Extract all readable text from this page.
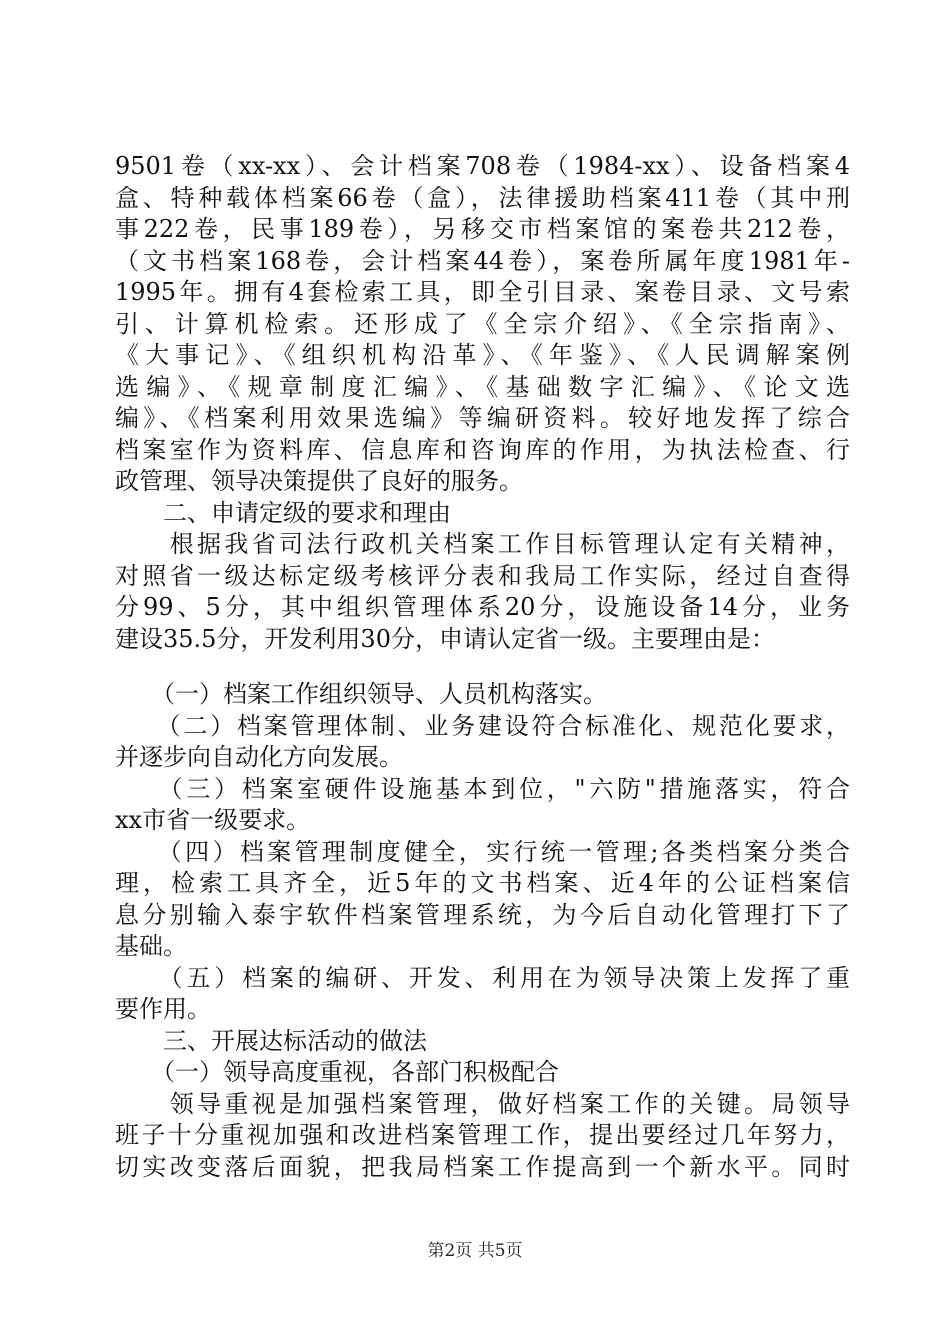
9501卷（xx-xx）、会计档案708卷（1984-xx）、设备档案4
盒、特种载体档案66卷（盒），法律援助档案411卷（其中刑
事222卷，民事189卷），另移交市档案馆的案卷共212卷，
（文书档案168卷，会计档案44卷），案卷所属年度1981年-
1995年。拥有4套检索工具，即全引目录、案卷目录、文号索
引、计算机检索。还形成了《全宗介绍》、《全宗指南》、
《大事记》、《组织机构沿革》、《年鉴》、《人民调解案例
选编》、《规章制度汇编》、《基础数字汇编》、《论文选
编》、《档案利用效果选编》等编研资料。较好地发挥了综合
档案室作为资料库、信息库和咨询库的作用，为执法检查、行
政管理、领导决策提供了良好的服务。
　　二、申请定级的要求和理由
　　根据我省司法行政机关档案工作目标管理认定有关精神，
对照省一级达标定级考核评分表和我局工作实际，经过自查得
分99、5分，其中组织管理体系20分，设施设备14分，业务
建设35.5分，开发利用30分，申请认定省一级。主要理由是：
　　（一）档案工作组织领导、人员机构落实。
　　（二）档案管理体制、业务建设符合标准化、规范化要求，
并逐步向自动化方向发展。
　　（三）档案室硬件设施基本到位，"六防"措施落实，符合
xx市省一级要求。
　　（四）档案管理制度健全，实行统一管理;各类档案分类合
理，检索工具齐全，近5年的文书档案、近4年的公证档案信
息分别输入泰宇软件档案管理系统，为今后自动化管理打下了
基础。
　　（五）档案的编研、开发、利用在为领导决策上发挥了重
要作用。
　　三、开展达标活动的做法
　　（一）领导高度重视，各部门积极配合
　　领导重视是加强档案管理，做好档案工作的关键。局领导
班子十分重视加强和改进档案管理工作，提出要经过几年努力，
切实改变落后面貌，把我局档案工作提高到一个新水平。同时
第2页 共5页
